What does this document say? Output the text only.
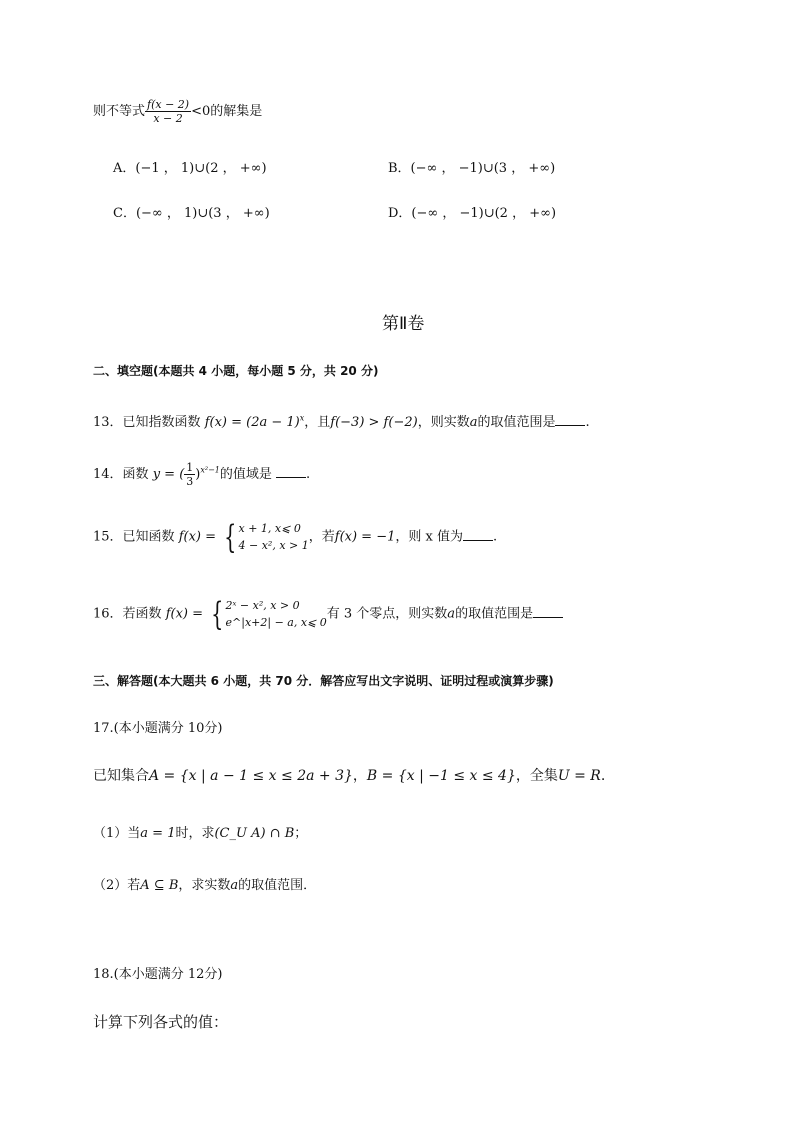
则不等式 $\frac{f(x - 2)}{x - 2} <0$的解集是
A．(−1 ， 1)∪(2 ， +∞)	B．(−∞ ， −1)∪(3 ， +∞)
C．(−∞ ， 1)∪(3 ， +∞)	D．(−∞ ， −1)∪(2 ， +∞)
第Ⅱ卷
二、填空题(本题共 4 小题，每小题 5 分，共 20 分)
13．已知指数函数 $f(x) = (2a - 1)^x$，且f(−3) > f(−2)，则实数a的取值范围是 .
14．函数 y = ( $\frac{1}{3} )^{x^2-1}$的值域是	.
15．已知函数 f(x) = { x + 1, x⩽ 0
4 − x², x > 1
，若f(x) = −1，则 x 值为 .
16．若函数 f(x) = { 2ˣ − x², x > 0
e^|x+2| − a, x⩽ 0
有 3 个零点，则实数a的取值范围是
三、解答题(本大题共 6 小题，共 70 分．解答应写出文字说明、证明过程或演算步骤)
17.(本小题满分 10分)
已知集合A = {x | a − 1 ≤ x ≤ 2a + 3}，B = {x | −1 ≤ x ≤ 4}，全集U = R.
（1）当a = 1时，求(C_U A) ∩ B；
（2）若A ⊆ B，求实数a的取值范围．
18.(本小题满分 12分)
计算下列各式的值：
